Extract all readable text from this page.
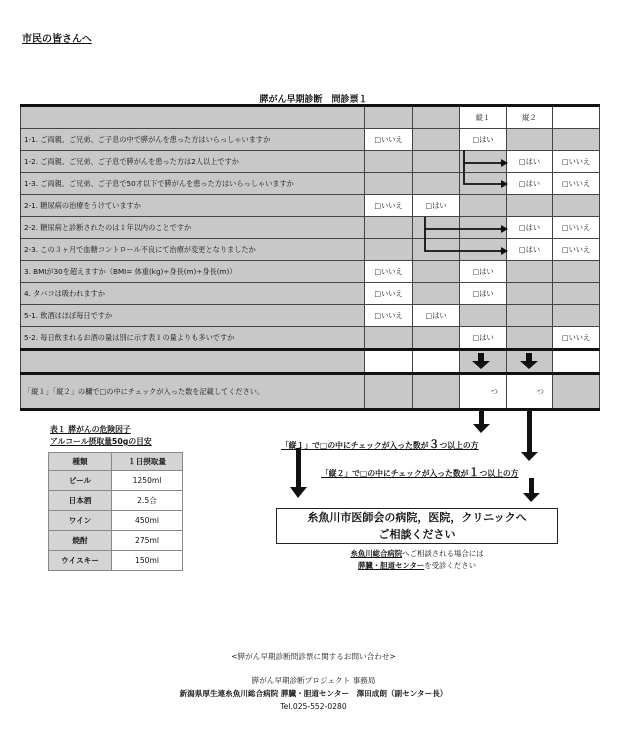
市民の皆さんへ
膵がん早期診断　問診票１
			縦１	縦２	
1-1. ご両親、ご兄弟、ご子息の中で膵がんを患った方はいらっしゃいますか	□いいえ		□はい		
1-2. ご両親、ご兄弟、ご子息で膵がんを患った方は2人以上ですか				□はい	□いいえ
1-3. ご両親、ご兄弟、ご子息で50才以下で膵がんを患った方はいらっしゃいますか				□はい	□いいえ
2-1. 糖尿病の治療をうけていますか	□いいえ	□はい			
2-2. 糖尿病と診断されたのは１年以内のことですか				□はい	□いいえ
2-3. この３ヶ月で血糖コントロール不良にて治療が変更となりましたか				□はい	□いいえ
3. BMIが30を超えますか（BMI= 体重(kg)÷身長(m)÷身長(m)）	□いいえ		□はい		
4. タバコは吸われますか	□いいえ		□はい		
5-1. 飲酒はほぼ毎日ですか	□いいえ	□はい			
5-2. 毎日飲まれるお酒の量は別に示す表１の量よりも多いですか			□はい		□いいえ

「縦１」「縦２」の欄で□の中にチェックが入った数を記載してください。			つ	つ	
表１ 膵がんの危険因子
アルコール摂取量50gの目安
種類	１日摂取量
ビール	1250ml
日本酒	2.5合
ワイン	450ml
焼酎	275ml
ウイスキー	150ml
「縦１」で□の中にチェックが入った数が３つ以上の方
「縦２」で□の中にチェックが入った数が１つ以上の方
糸魚川市医師会の病院，医院，クリニックへ
ご相談ください
糸魚川総合病院へご相談される場合には
膵臓・胆道センターを受診ください
<膵がん早期診断問診票に関するお問い合わせ>
膵がん早期診断プロジェクト 事務局
新潟県厚生連糸魚川総合病院 膵臓・胆道センター　澤田成朗（副センター長）
Tel.025-552-0280
